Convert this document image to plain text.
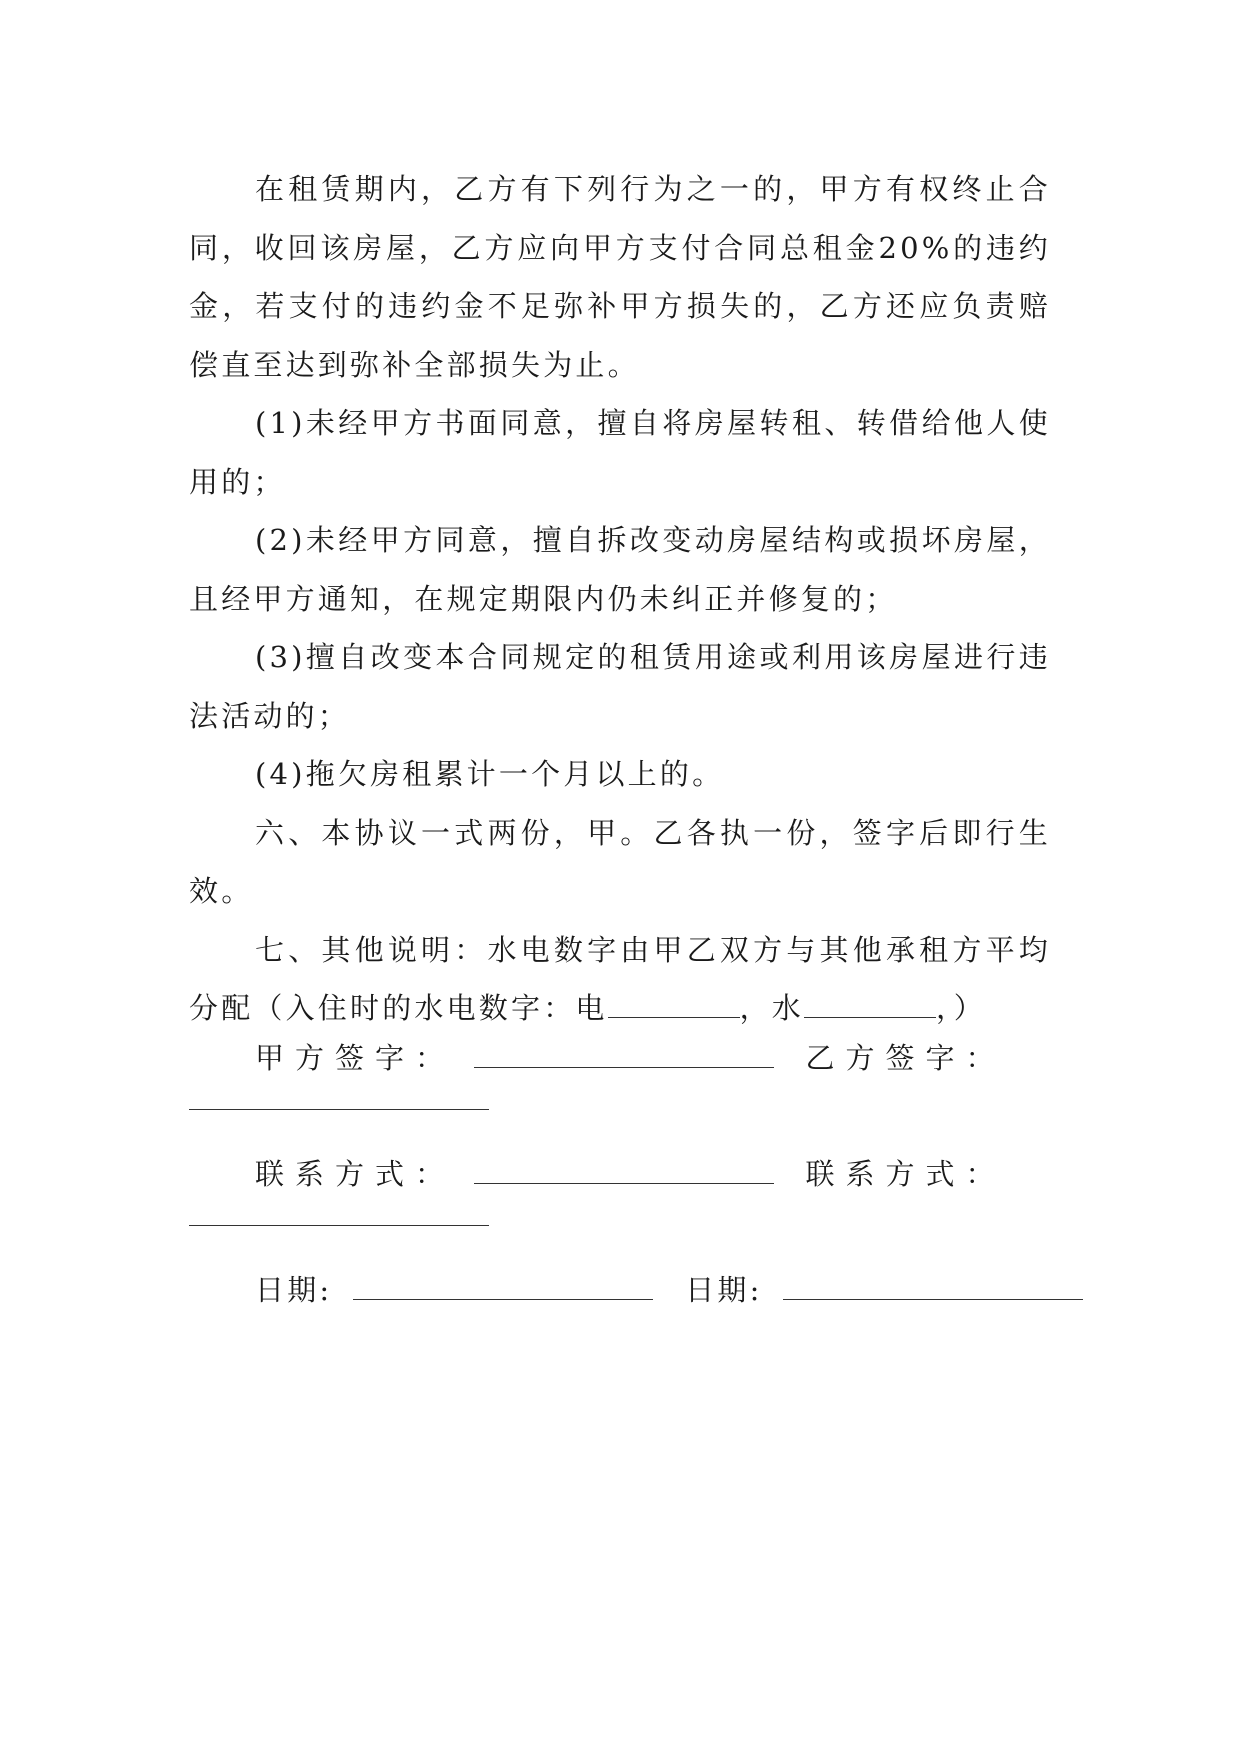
在租赁期内，乙方有下列行为之一的，甲方有权终止合同，收回该房屋，乙方应向甲方支付合同总租金20%的违约金，若支付的违约金不足弥补甲方损失的，乙方还应负责赔偿直至达到弥补全部损失为止。

(1)未经甲方书面同意，擅自将房屋转租、转借给他人使用的；

(2)未经甲方同意，擅自拆改变动房屋结构或损坏房屋，且经甲方通知，在规定期限内仍未纠正并修复的；

(3)擅自改变本合同规定的租赁用途或利用该房屋进行违法活动的；

(4)拖欠房租累计一个月以上的。

六、本协议一式两份，甲。乙各执一份，签字后即行生效。

七、其他说明：水电数字由甲乙双方与其他承租方平均分配（入住时的水电数字：电	，水	，）

甲 方 签 字 ：	乙 方 签 字 ：
联 系 方 式 ：	联 系 方 式 ：
日期:	日期:
